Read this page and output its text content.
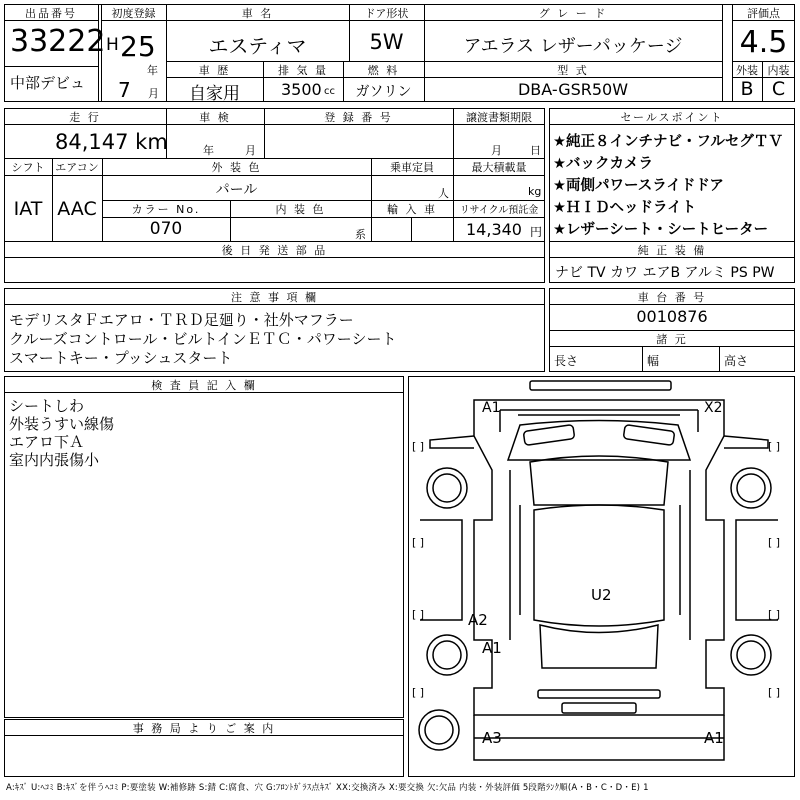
出品番号
33222
中部デビュ
初度登録
H 25
年
7 月
車 名
エスティマ
ドア形状
5W
グ レ ー ド
アエラス レザーパッケージ
評価点
4.5
車 歴
自家用
排 気 量
3500 cc
燃 料
ガソリン
型 式
DBA-GSR50W
外装 内装
B C
走 行
84,147 km
車 検
年	月
登 録 番 号	譲渡書類期限
月	日
シフト
IAT
エアコン
AAC
外 装 色
パール
乗車定員
人
最大積載量
kg
カラー No.
070
内 装 色
系
輸 入 車	リサイクル預託金
14,340 円
後 日 発 送 部 品
セールスポイント
★純正８インチナビ・フルセグＴＶ
★バックカメラ
★両側パワースライドドア
★ＨＩＤヘッドライト
★レザーシート・シートヒーター
純 正 装 備
ナビ TV カワ エアB アルミ PS PW
注 意 事 項 欄
モデリスタＦエアロ・ＴＲＤ足廻り・社外マフラー
クルーズコントロール・ビルトインＥＴＣ・パワーシート
スマートキー・プッシュスタート
車 台 番 号
0010876
諸 元
長さ	幅	高さ
検 査 員 記 入 欄
シートしわ
外装うすい線傷
エアロ下Ａ
室内内張傷小
事 務 局 よ り ご 案 内
A1	X2
U2
A2
A1
A3	A1
[ ]	[ ]
[ ]	[ ]
[ ]	[ ]
[ ]	[ ]
A:ｷｽﾞ U:ﾍｺﾐ B:ｷｽﾞを伴うﾍｺﾐ P:要塗装 W:補修跡 S:錆 C:腐食、穴 G:ﾌﾛﾝﾄｶﾞﾗｽ点ｷｽﾞ XX:交換済み X:要交換 欠:欠品 内装・外装評価 5段階ﾗﾝｸ順(A・B・C・D・E) 1
